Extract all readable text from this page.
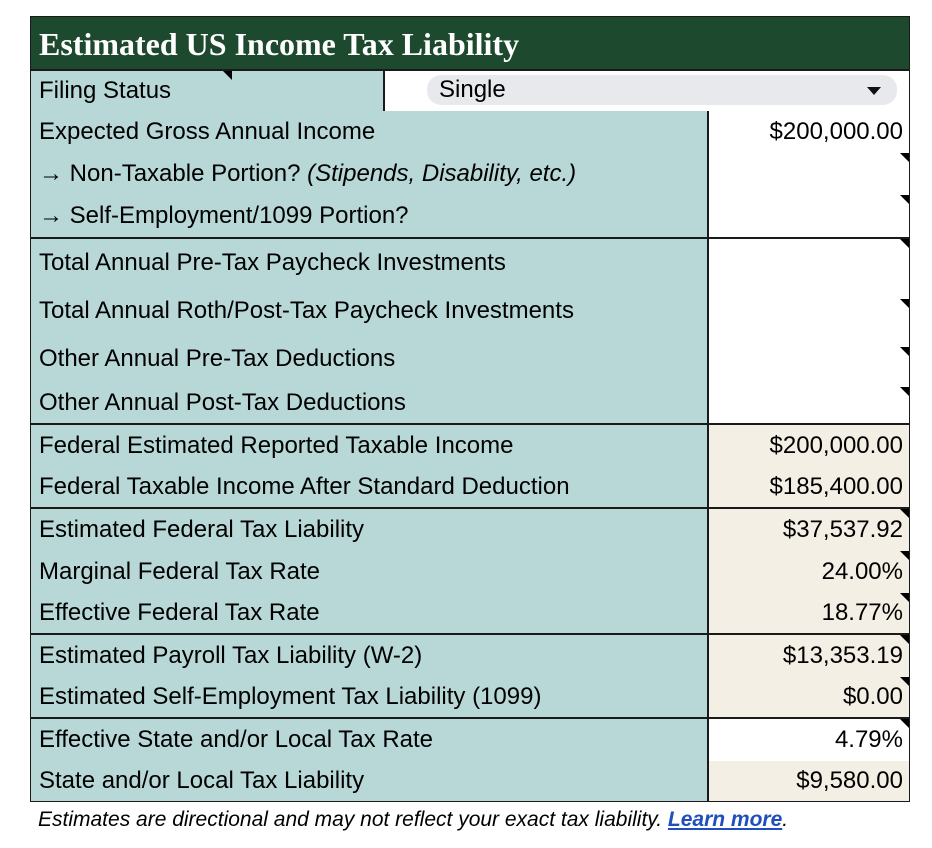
Estimated US Income Tax Liability
Filing Status	Single
Expected Gross Annual Income	$200,000.00
→ Non-Taxable Portion? (Stipends, Disability, etc.)
→ Self-Employment/1099 Portion?
Total Annual Pre-Tax Paycheck Investments
Total Annual Roth/Post-Tax Paycheck Investments
Other Annual Pre-Tax Deductions
Other Annual Post-Tax Deductions
Federal Estimated Reported Taxable Income	$200,000.00
Federal Taxable Income After Standard Deduction	$185,400.00
Estimated Federal Tax Liability	$37,537.92
Marginal Federal Tax Rate	24.00%
Effective Federal Tax Rate	18.77%
Estimated Payroll Tax Liability (W-2)	$13,353.19
Estimated Self-Employment Tax Liability (1099)	$0.00
Effective State and/or Local Tax Rate	4.79%
State and/or Local Tax Liability	$9,580.00
Estimates are directional and may not reflect your exact tax liability. Learn more.
